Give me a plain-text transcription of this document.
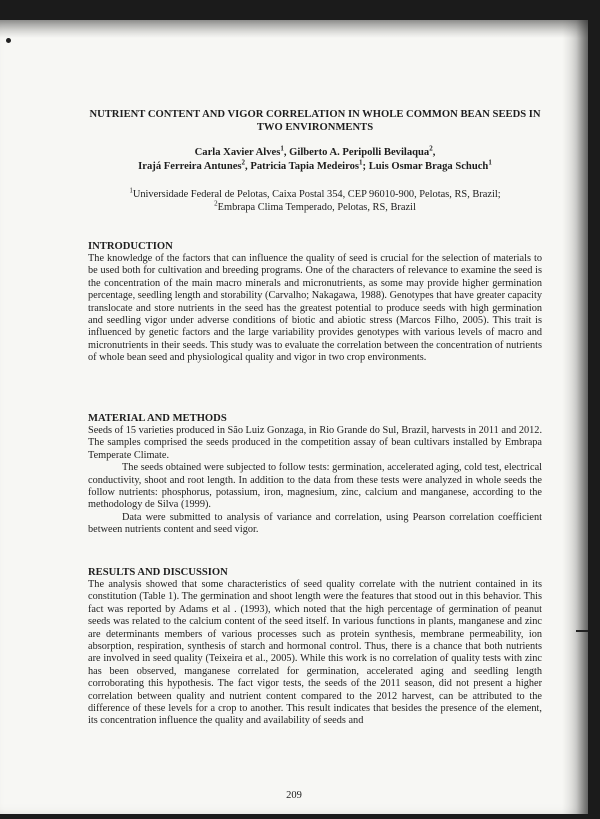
NUTRIENT CONTENT AND VIGOR CORRELATION IN WHOLE COMMON BEAN SEEDS IN TWO ENVIRONMENTS
Carla Xavier Alves$^1$, Gilberto A. Peripolli Bevilaqua$^2$,
Irajá Ferreira Antunes$^2$, Patricia Tapia Medeiros$^1$; Luis Osmar Braga Schuch$^1$
$^1$Universidade Federal de Pelotas, Caixa Postal 354, CEP 96010-900, Pelotas, RS, Brazil;
$^2$Embrapa Clima Temperado, Pelotas, RS, Brazil
INTRODUCTION

The knowledge of the factors that can influence the quality of seed is crucial for the selection of materials to be used both for cultivation and breeding programs. One of the characters of relevance to examine the seed is the concentration of the main macro minerals and micronutrients, as some may provide higher germination percentage, seedling length and storability (Carvalho; Nakagawa, 1988). Genotypes that have greater capacity translocate and store nutrients in the seed has the greatest potential to produce seeds with high germination and seedling vigor under adverse conditions of biotic and abiotic stress (Marcos Filho, 2005). This trait is influenced by genetic factors and the large variability provides genotypes with various levels of macro and micronutrients in their seeds. This study was to evaluate the correlation between the concentration of nutrients of whole bean seed and physiological quality and vigor in two crop environments.

MATERIAL AND METHODS

Seeds of 15 varieties produced in São Luiz Gonzaga, in Rio Grande do Sul, Brazil, harvests in 2011 and 2012. The samples comprised the seeds produced in the competition assay of bean cultivars installed by Embrapa Temperate Climate.

The seeds obtained were subjected to follow tests: germination, accelerated aging, cold test, electrical conductivity, shoot and root length. In addition to the data from these tests were analyzed in whole seeds the follow nutrients: phosphorus, potassium, iron, magnesium, zinc, calcium and manganese, according to the methodology de Silva (1999).

Data were submitted to analysis of variance and correlation, using Pearson correlation coefficient between nutrients content and seed vigor.

RESULTS AND DISCUSSION

The analysis showed that some characteristics of seed quality correlate with the nutrient contained in its constitution (Table 1). The germination and shoot length were the features that stood out in this behavior. This fact was reported by Adams et al . (1993), which noted that the high percentage of germination of peanut seeds was related to the calcium content of the seed itself. In various functions in plants, manganese and zinc are determinants members of various processes such as protein synthesis, membrane permeability, ion absorption, respiration, synthesis of starch and hormonal control. Thus, there is a chance that both nutrients are involved in seed quality (Teixeira et al., 2005). While this work is no correlation of quality tests with zinc has been observed, manganese correlated for germination, accelerated aging and seedling length corroborating this hypothesis. The fact vigor tests, the seeds of the 2011 season, did not present a higher correlation between quality and nutrient content compared to the 2012 harvest, can be attributed to the difference of these levels for a crop to another. This result indicates that besides the presence of the element, its concentration influence the quality and availability of seeds and

209
